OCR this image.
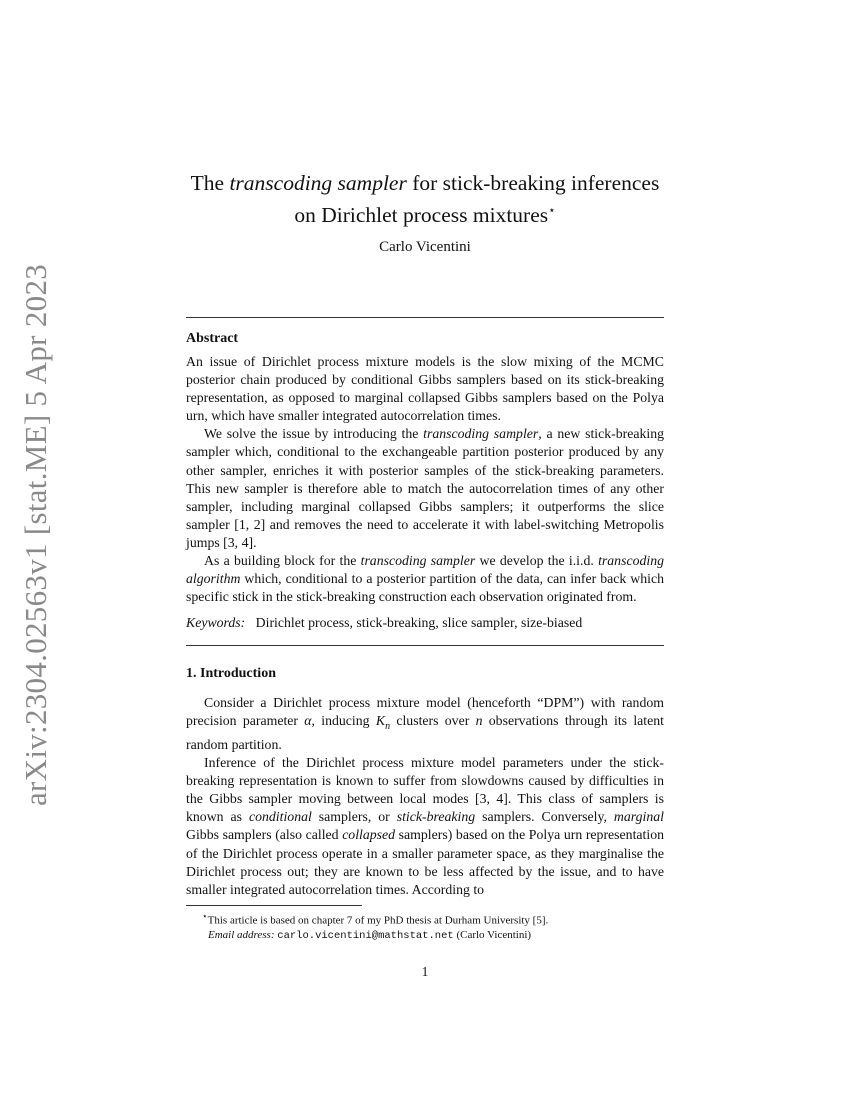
arXiv:2304.02563v1 [stat.ME] 5 Apr 2023
The transcoding sampler for stick-breaking inferences
on Dirichlet process mixtures⋆
Carlo Vicentini
Abstract

An issue of Dirichlet process mixture models is the slow mixing of the MCMC posterior chain produced by conditional Gibbs samplers based on its stick-breaking representation, as opposed to marginal collapsed Gibbs samplers based on the Polya urn, which have smaller integrated autocorrelation times.

We solve the issue by introducing the transcoding sampler, a new stick-breaking sampler which, conditional to the exchangeable partition posterior produced by any other sampler, enriches it with posterior samples of the stick-breaking parameters. This new sampler is therefore able to match the autocorrelation times of any other sampler, including marginal collapsed Gibbs samplers; it outperforms the slice sampler [1, 2] and removes the need to accelerate it with label-switching Metropolis jumps [3, 4].

As a building block for the transcoding sampler we develop the i.i.d. transcoding algorithm which, conditional to a posterior partition of the data, can infer back which specific stick in the stick-breaking construction each observation originated from.

Keywords: Dirichlet process, stick-breaking, slice sampler, size-biased
1. Introduction

Consider a Dirichlet process mixture model (henceforth “DPM”) with random precision parameter α, inducing $K_n$ clusters over n observations through its latent random partition.

Inference of the Dirichlet process mixture model parameters under the stick-breaking representation is known to suffer from slowdowns caused by difficulties in the Gibbs sampler moving between local modes [3, 4]. This class of samplers is known as conditional samplers, or stick-breaking samplers. Conversely, marginal Gibbs samplers (also called collapsed samplers) based on the Polya urn representation of the Dirichlet process operate in a smaller parameter space, as they marginalise the Dirichlet process out; they are known to be less affected by the issue, and to have smaller integrated autocorrelation times. According to

⋆This article is based on chapter 7 of my PhD thesis at Durham University [5].
Email address: carlo.vicentini@mathstat.net (Carlo Vicentini)
1
